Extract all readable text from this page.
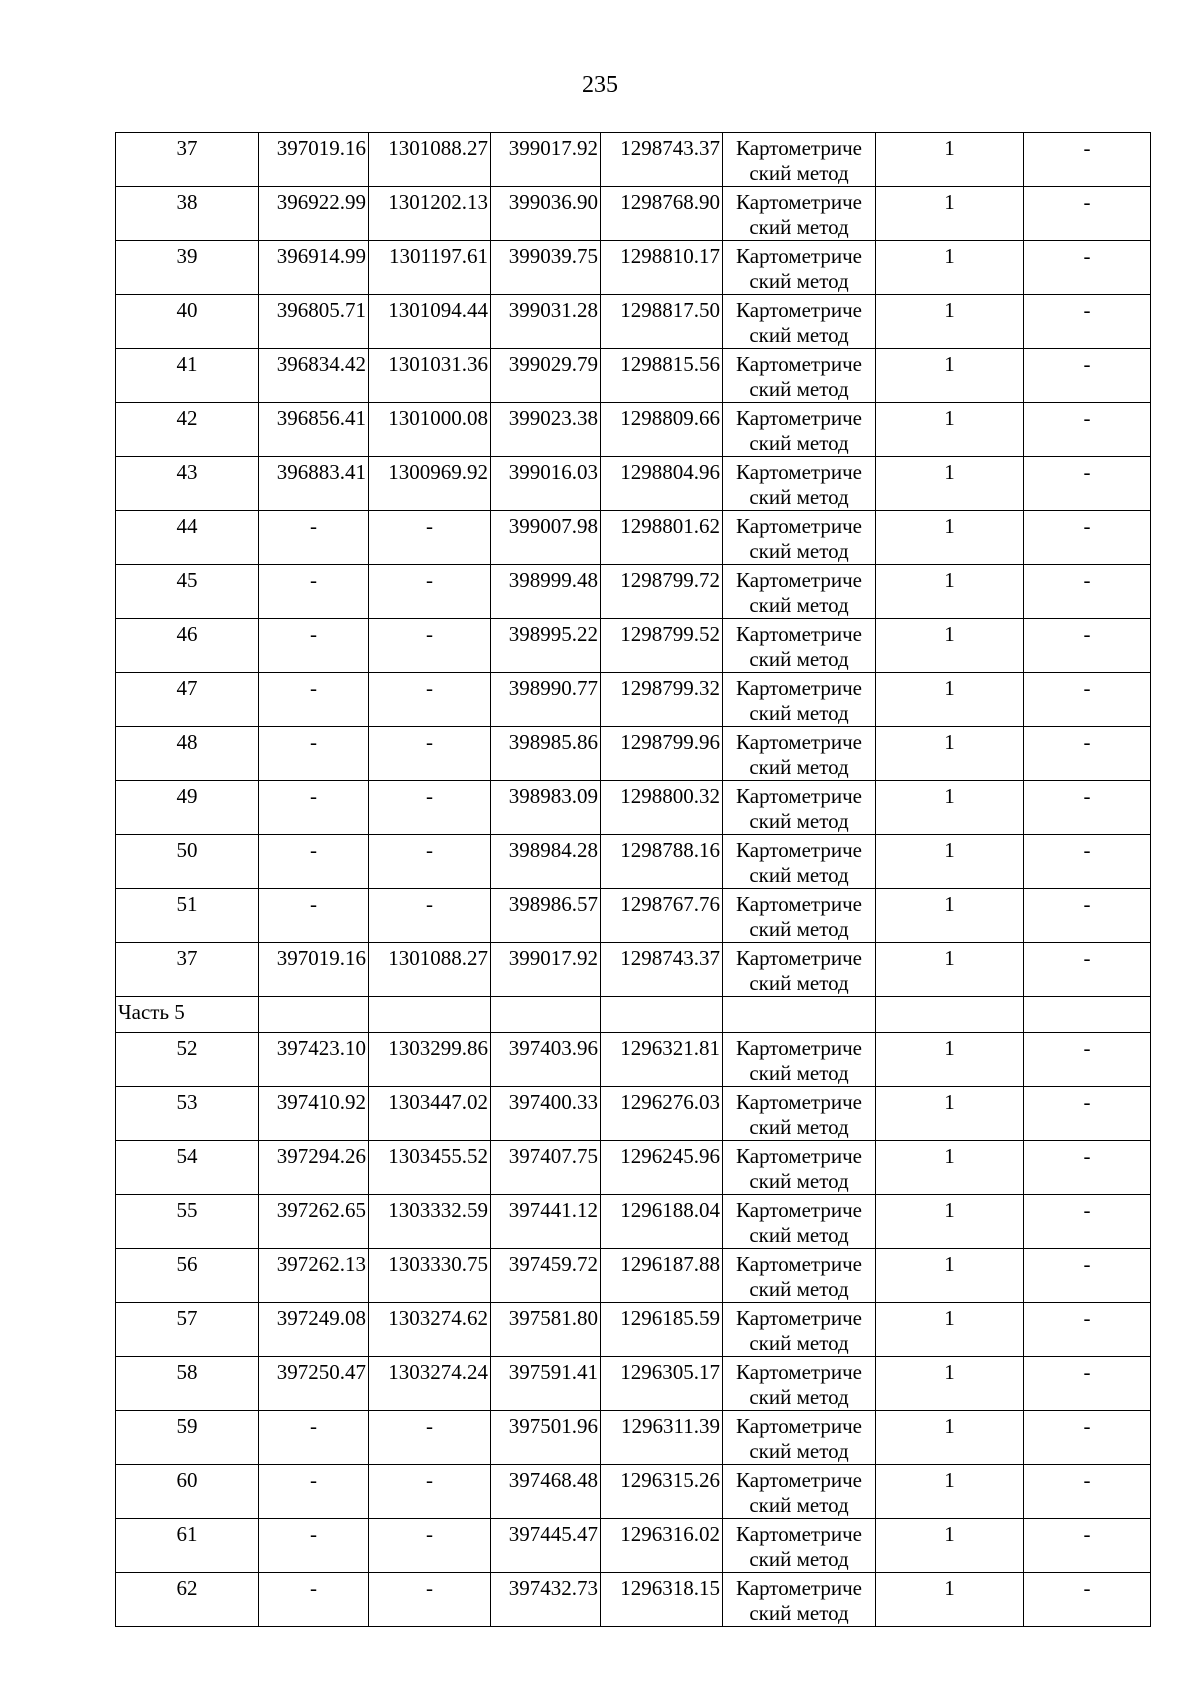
235
37	397019.16	1301088.27	399017.92	1298743.37	Картометриче
ский метод	1	-
38	396922.99	1301202.13	399036.90	1298768.90	Картометриче
ский метод	1	-
39	396914.99	1301197.61	399039.75	1298810.17	Картометриче
ский метод	1	-
40	396805.71	1301094.44	399031.28	1298817.50	Картометриче
ский метод	1	-
41	396834.42	1301031.36	399029.79	1298815.56	Картометриче
ский метод	1	-
42	396856.41	1301000.08	399023.38	1298809.66	Картометриче
ский метод	1	-
43	396883.41	1300969.92	399016.03	1298804.96	Картометриче
ский метод	1	-
44	-	-	399007.98	1298801.62	Картометриче
ский метод	1	-
45	-	-	398999.48	1298799.72	Картометриче
ский метод	1	-
46	-	-	398995.22	1298799.52	Картометриче
ский метод	1	-
47	-	-	398990.77	1298799.32	Картометриче
ский метод	1	-
48	-	-	398985.86	1298799.96	Картометриче
ский метод	1	-
49	-	-	398983.09	1298800.32	Картометриче
ский метод	1	-
50	-	-	398984.28	1298788.16	Картометриче
ский метод	1	-
51	-	-	398986.57	1298767.76	Картометриче
ский метод	1	-
37	397019.16	1301088.27	399017.92	1298743.37	Картометриче
ский метод	1	-
Часть 5							
52	397423.10	1303299.86	397403.96	1296321.81	Картометриче
ский метод	1	-
53	397410.92	1303447.02	397400.33	1296276.03	Картометриче
ский метод	1	-
54	397294.26	1303455.52	397407.75	1296245.96	Картометриче
ский метод	1	-
55	397262.65	1303332.59	397441.12	1296188.04	Картометриче
ский метод	1	-
56	397262.13	1303330.75	397459.72	1296187.88	Картометриче
ский метод	1	-
57	397249.08	1303274.62	397581.80	1296185.59	Картометриче
ский метод	1	-
58	397250.47	1303274.24	397591.41	1296305.17	Картометриче
ский метод	1	-
59	-	-	397501.96	1296311.39	Картометриче
ский метод	1	-
60	-	-	397468.48	1296315.26	Картометриче
ский метод	1	-
61	-	-	397445.47	1296316.02	Картометриче
ский метод	1	-
62	-	-	397432.73	1296318.15	Картометриче
ский метод	1	-
